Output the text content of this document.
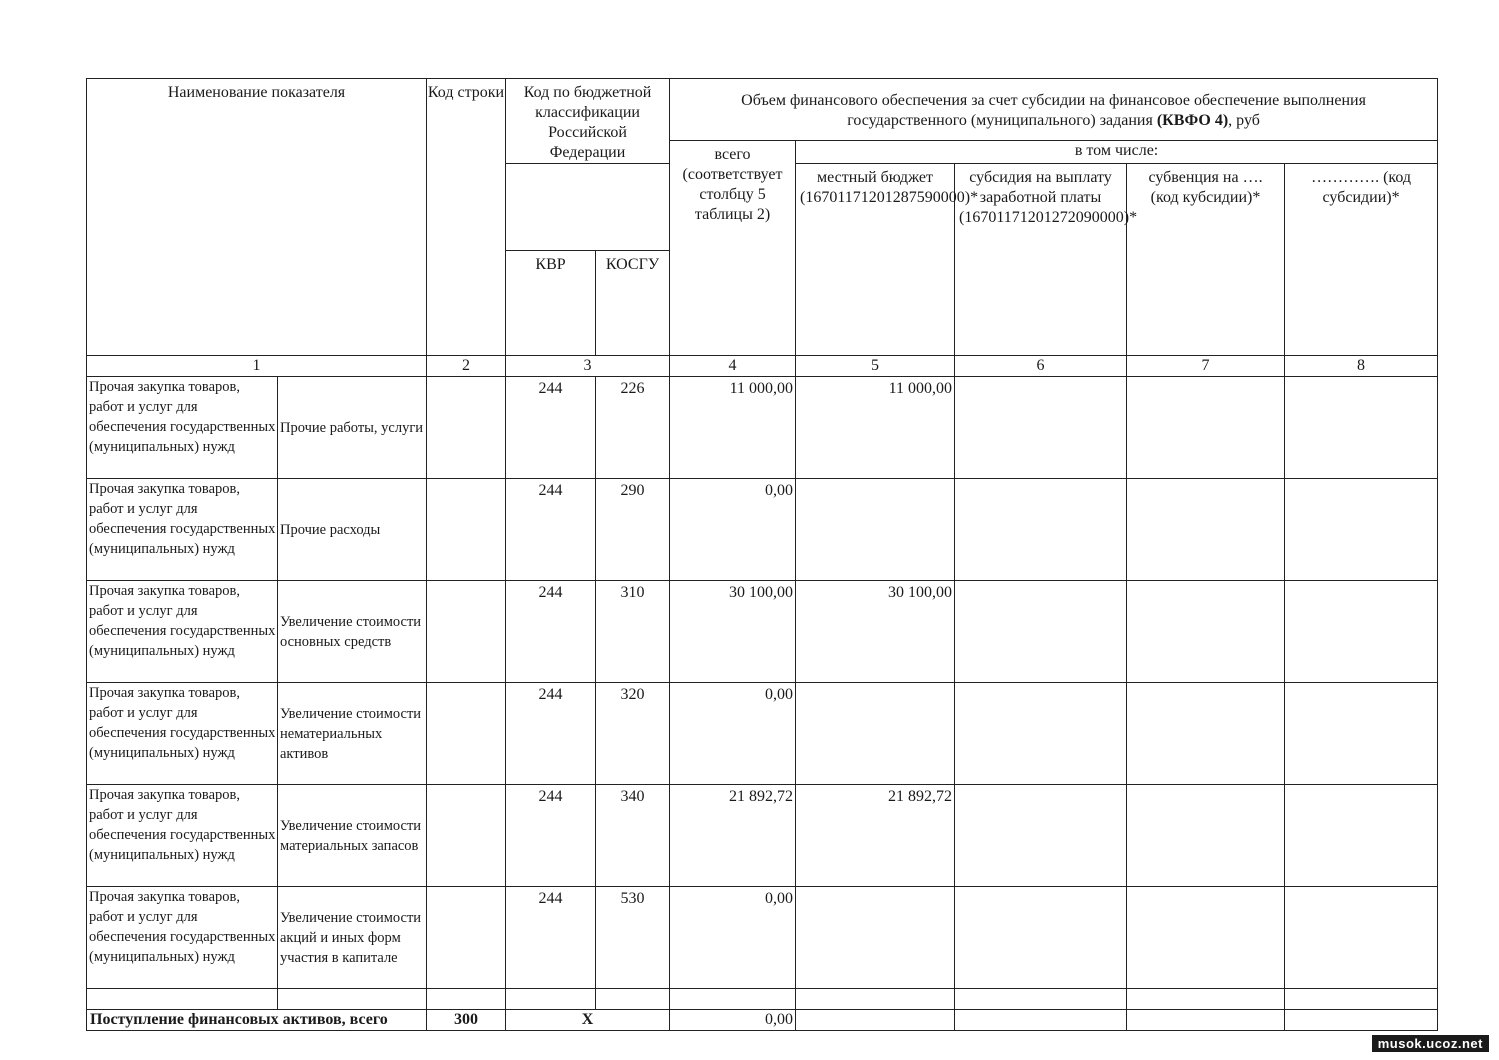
Наименование показателя		Код строки	Код по бюджетной классификации Российской Федерации		Объем финансового обеспечения за счет субсидии на финансовое обеспечение выполнения государственного (муниципального) задания (КВФО 4), руб				
					всего (соответствует столбцу 5 таблицы 2)	в том числе:			
						местный бюджет (16701171201287590000)*	субсидия на выплату заработной платы (16701171201272090000)*	субвенция на …. (код кубсидии)*	…………. (код субсидии)*
			КВР	КОСГУ					
1		2	3		4	5	6	7	8
Прочая закупка товаров, работ и услуг для обеспечения государственных (муниципальных) нужд	Прочие работы, услуги		244	226	11 000,00	11 000,00			
Прочая закупка товаров, работ и услуг для обеспечения государственных (муниципальных) нужд	Прочие расходы		244	290	0,00				
Прочая закупка товаров, работ и услуг для обеспечения государственных (муниципальных) нужд	Увеличение стоимости основных средств		244	310	30 100,00	30 100,00			
Прочая закупка товаров, работ и услуг для обеспечения государственных (муниципальных) нужд	Увеличение стоимости нематериальных активов		244	320	0,00				
Прочая закупка товаров, работ и услуг для обеспечения государственных (муниципальных) нужд	Увеличение стоимости материальных запасов		244	340	21 892,72	21 892,72			
Прочая закупка товаров, работ и услуг для обеспечения государственных (муниципальных) нужд	Увеличение стоимости акций и иных форм участия в капитале		244	530	0,00				

Поступление финансовых активов, всего		300	Х		0,00				
musok.ucoz.net
